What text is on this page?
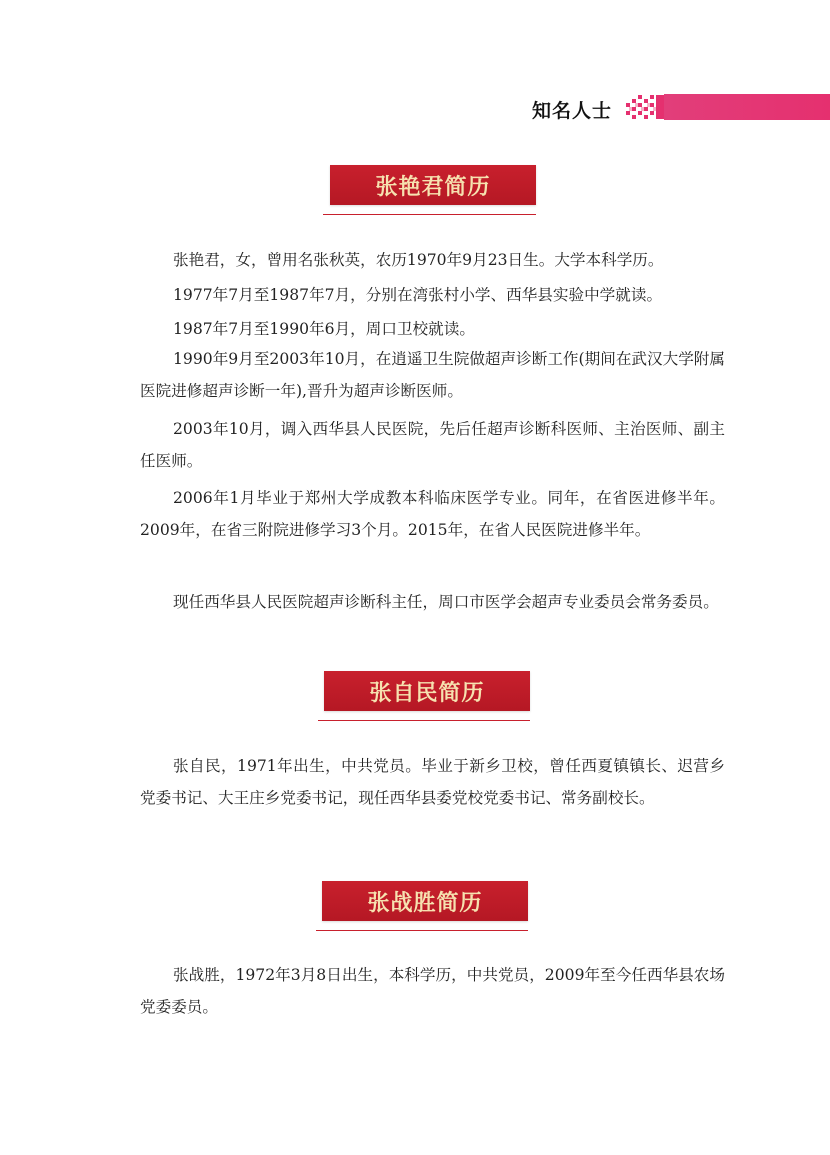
知名人士
张艳君简历

张艳君，女，曾用名张秋英，农历1970年9月23日生。大学本科学历。

1977年7月至1987年7月，分别在湾张村小学、西华县实验中学就读。

1987年7月至1990年6月，周口卫校就读。

1990年9月至2003年10月，在逍遥卫生院做超声诊断工作(期间在武汉大学附属医院进修超声诊断一年),晋升为超声诊断医师。

2003年10月，调入西华县人民医院，先后任超声诊断科医师、主治医师、副主任医师。

2006年1月毕业于郑州大学成教本科临床医学专业。同年，在省医进修半年。2009年，在省三附院进修学习3个月。2015年，在省人民医院进修半年。

现任西华县人民医院超声诊断科主任，周口市医学会超声专业委员会常务委员。

张自民简历

张自民，1971年出生，中共党员。毕业于新乡卫校，曾任西夏镇镇长、迟营乡党委书记、大王庄乡党委书记，现任西华县委党校党委书记、常务副校长。

张战胜简历

张战胜，1972年3月8日出生，本科学历，中共党员，2009年至今任西华县农场党委委员。
